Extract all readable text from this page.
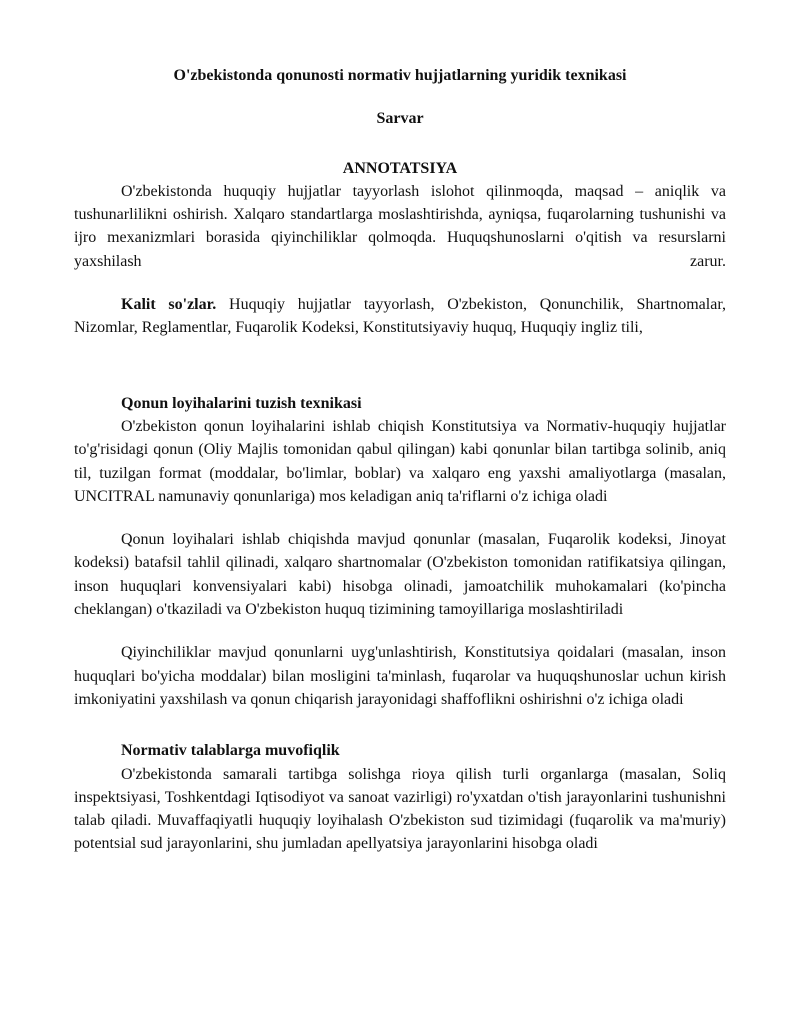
O'zbekistonda qonunosti normativ hujjatlarning yuridik texnikasi

Sarvar

ANNOTATSIYA

O'zbekistonda huquqiy hujjatlar tayyorlash islohot qilinmoqda, maqsad – aniqlik va tushunarlilikni oshirish. Xalqaro standartlarga moslashtirishda, ayniqsa, fuqarolarning tushunishi va ijro mexanizmlari borasida qiyinchiliklar qolmoqda. Huquqshunoslarni o'qitish va resurslarni yaxshilash zarur.

Kalit so'zlar. Huquqiy hujjatlar tayyorlash, O'zbekiston, Qonunchilik, Shartnomalar, Nizomlar, Reglamentlar, Fuqarolik Kodeksi, Konstitutsiyaviy huquq, Huquqiy ingliz tili,

Qonun loyihalarini tuzish texnikasi

O'zbekiston qonun loyihalarini ishlab chiqish Konstitutsiya va Normativ-huquqiy hujjatlar to'g'risidagi qonun (Oliy Majlis tomonidan qabul qilingan) kabi qonunlar bilan tartibga solinib, aniq til, tuzilgan format (moddalar, bo'limlar, boblar) va xalqaro eng yaxshi amaliyotlarga (masalan, UNCITRAL namunaviy qonunlariga) mos keladigan aniq ta'riflarni o'z ichiga oladi

Qonun loyihalari ishlab chiqishda mavjud qonunlar (masalan, Fuqarolik kodeksi, Jinoyat kodeksi) batafsil tahlil qilinadi, xalqaro shartnomalar (O'zbekiston tomonidan ratifikatsiya qilingan, inson huquqlari konvensiyalari kabi) hisobga olinadi, jamoatchilik muhokamalari (ko'pincha cheklangan) o'tkaziladi va O'zbekiston huquq tizimining tamoyillariga moslashtiriladi

Qiyinchiliklar mavjud qonunlarni uyg'unlashtirish, Konstitutsiya qoidalari (masalan, inson huquqlari bo'yicha moddalar) bilan mosligini ta'minlash, fuqarolar va huquqshunoslar uchun kirish imkoniyatini yaxshilash va qonun chiqarish jarayonidagi shaffoflikni oshirishni o'z ichiga oladi

Normativ talablarga muvofiqlik

O'zbekistonda samarali tartibga solishga rioya qilish turli organlarga (masalan, Soliq inspektsiyasi, Toshkentdagi Iqtisodiyot va sanoat vazirligi) ro'yxatdan o'tish jarayonlarini tushunishni talab qiladi. Muvaffaqiyatli huquqiy loyihalash O'zbekiston sud tizimidagi (fuqarolik va ma'muriy) potentsial sud jarayonlarini, shu jumladan apellyatsiya jarayonlarini hisobga oladi
